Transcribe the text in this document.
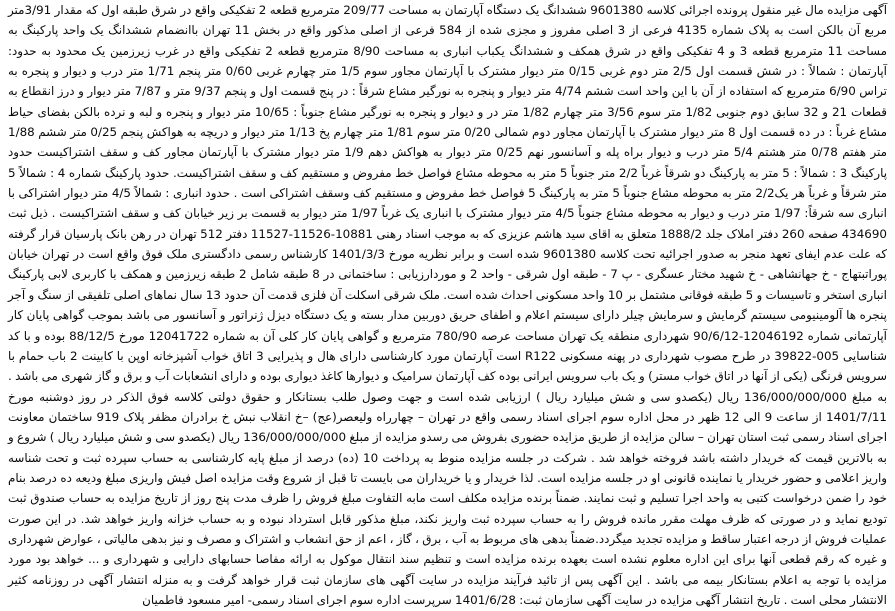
آگهی مزایده مال غیر منقول پرونده اجرائی کلاسه 9601380 ششدانگ یک دستگاه آپارتمان به مساحت 209/77 مترمربع قطعه 2 تفکیکی واقع در شرق طبقه اول که مقدار 3/91متر مربع آن بالکن است به پلاک شماره 4135 فرعی از 3 اصلی مفروز و مجزی شده از 584 فرعی از اصلی مذکور واقع در بخش 11 تهران باانضمام ششدانگ یک واحد پارکینگ به مساحت 11 مترمربع قطعه 3 و 4 تفکیکی واقع در شرق همکف و ششدانگ یکباب انباری به مساحت 8/90 مترمربع قطعه 2 تفکیکی واقع در غرب زیرزمین یک محدود به حدود: آپارتمان : شمالاً : در شش قسمت اول 2/5 متر دوم غربی 0/15 متر دیوار مشترک با آپارتمان مجاور سوم 1/5 متر چهارم غربی 0/60 متر پنجم 1/71 متر درب و دیوار و پنجره به تراس 6/90 مترمربع که استفاده از آن با این واحد است ششم 4/74 متر دیوار و پنجره به نورگیر مشاع شرقاً : در پنج قسمت اول و پنجم 9/37 متر و 7/87 متر دیوار و درز انقطاع به قطعات 21 و 32 سابق دوم جنوبی 1/82 متر سوم 3/56 متر چهارم 1/82 متر در و دیوار و پنجره به نورگیر مشاع جنوباً : 10/65 متر دیوار و پنجره و لبه و نرده بالکن بفضای حیاط مشاع غرباً : در ده قسمت اول 8 متر دیوار مشترک با آپارتمان مجاور دوم شمالی 0/20 متر سوم 1/81 متر چهارم پخ 1/13 متر دیوار و دریچه به هواکش پنجم 0/25 متر ششم 1/88 متر هفتم 0/78 متر هشتم 5/4 متر درب و دیوار براه پله و آسانسور نهم 0/25 متر دیوار به هواکش دهم 1/9 متر دیوار مشترک با آپارتمان مجاور کف و سقف اشتراکیست حدود پارکینگ 3 : شمالاً : 5 متر به پارکینگ دو شرقاً غرباً 2/2 متر جنوباً 5 متر به محوطه مشاع فواصل خط مفروض و مستقیم کف و سقف اشتراکیست. حدود پارکینگ شماره 4 : شمالاً 5 متر شرقاً و غرباً هر یک2/2 متر به محوطه مشاع جنوباً 5 متر به پارکینگ 5 فواصل خط مفروض و مستقیم کف وسقف اشتراکی است . حدود انباری : شمالاً 4/5 متر دیوار اشتراکی با انباری سه شرقاً: 1/97 متر درب و دیوار به محوطه مشاع جنوباً 4/5 متر دیوار مشترک با انباری یک غرباً 1/97 متر دیوار به قسمت بر زیر خیابان کف و سقف اشتراکیست . ذیل ثبت 434690 صفحه 260 دفتر املاک جلد 1888/2 متعلق به اقای سید هاشم عزیزی که به موجب اسناد رهنی 10881-11526-11527 دفتر 512 تهران در رهن بانک پارسیان قرار گرفته که علت عدم ایفای تعهد منجر به صدور اجرائیه تحت کلاسه 9601380 شده است و برابر نظریه مورخ 1401/3/3 کارشناس رسمی دادگستری ملک فوق واقع است در تهران خیابان پوراتبتهاج - خ جهانشاهی - خ شهید مختار عسگری - پ 7 - طبقه اول شرقی - واحد 2 و موردارزیابی : ساختمانی در 8 طبقه شامل 2 طبقه زیرزمین و همکف با کاربری لابی پارکینگ انباری استخر و تاسیسات و 5 طبقه فوقانی مشتمل بر 10 واحد مسکونی احداث شده است. ملک شرقی اسکلت آن فلزی قدمت آن حدود 13 سال نماهای اصلی تلفیقی از سنگ و آجر پنجره ها آلومینیومی سیستم گرمایش و سرمایش چیلر دارای سیستم اعلام و اطفای حریق دوربین مدار بسته و یک دستگاه دیزل ژنراتور و آسانسور می باشد بموجب گواهی پایان کار آپارتمانی شماره 12046192-90/6/12 شهرداری منطقه یک تهران مساحت عرصه 780/90 مترمربع و گواهی پایان کار کلی آن به شماره 12041722 مورخ 88/12/5 بوده و با کد شناسایی 005-39822 در طرح مصوب شهرداری در پهنه مسکونی R122 است آپارتمان مورد کارشناسی دارای هال و پذیرایی 3 اتاق خواب آشپزخانه اوپن با کابینت 2 باب حمام با سرویس فرنگی (یکی از آنها در اتاق خواب مستر) و یک باب سرویس ایرانی بوده کف آپارتمان سرامیک و دیوارها کاغذ دیواری بوده و دارای انشعابات آب و برق و گاز شهری می باشد . به مبلغ 136/000/000/000 ریال (یکصدو سی و شش میلیارد ریال ) ارزیابی شده است و جهت وصول طلب بستانکار و حقوق دولتی کلاسه فوق الذکر در روز دوشنبه مورخ 1401/7/11 از ساعت 9 الی 12 ظهر در محل اداره سوم اجرای اسناد رسمی واقع در تهران – چهارراه ولیعصر(عج) –خ انقلاب نبش خ برادران مظفر پلاک 919 ساختمان معاونت اجرای اسناد رسمی ثبت استان تهران – سالن مزایده از طریق مزایده حضوری بفروش می رسدو مزایده از مبلغ 136/000/000/000 ریال (یکصدو سی و شش میلیارد ریال ) شروع و به بالاترین قیمت که خریدار داشته باشد فروخته خواهد شد . شرکت در جلسه مزایده منوط به پرداخت 10 (ده) درصد از مبلغ پایه کارشناسی به حساب سپرده ثبت و تحت شناسه واریز اعلامی و حضور خریدار یا نماینده قانونی او در جلسه مزایده است. لذا خریدار و یا خریداران می بایست تا قبل از شروع وقت مزایده اصل فیش واریزی مبلغ ودیعه ده درصد بنام خود را ضمن درخواست کتبی به واحد اجرا تسلیم و ثبت نمایند. ضمناً برنده مزایده مکلف است مابه التفاوت مبلغ فروش را ظرف مدت پنج روز از تاریخ مزایده به حساب صندوق ثبت تودیع نماید و در صورتی که ظرف مهلت مقرر مانده فروش را به حساب سپرده ثبت واریز نکند، مبلغ مذکور قابل استرداد نبوده و به حساب خزانه واریز خواهد شد. در این صورت عملیات فروش از درجه اعتبار ساقط و مزایده تجدید میگردد.ضمناً بدهی های مربوط به آب ، برق ، گاز ، اعم از حق انشعاب و اشتراک و مصرف و نیز بدهی مالیاتی ، عوارض شهرداری و غیره که رقم قطعی آنها برای این اداره معلوم نشده است بعهده برنده مزایده است و تنظیم سند انتقال موکول به ارائه مفاصا حسابهای دارایی و شهرداری و ... خواهد بود مورد مزایده با توجه به اعلام بستانکار بیمه می باشد . این آگهی پس از تائید فرآیند مزایده در سایت آگهی های سازمان ثبت قرار خواهد گرفت و به منزله انتشار آگهی در روزنامه کثیر الانتشار محلی است . تاریخ انتشار آگهی مزایده در سایت آگهی سازمان ثبت: 1401/6/28 سرپرست اداره سوم اجرای اسناد رسمی- امیر مسعود فاطمیان
